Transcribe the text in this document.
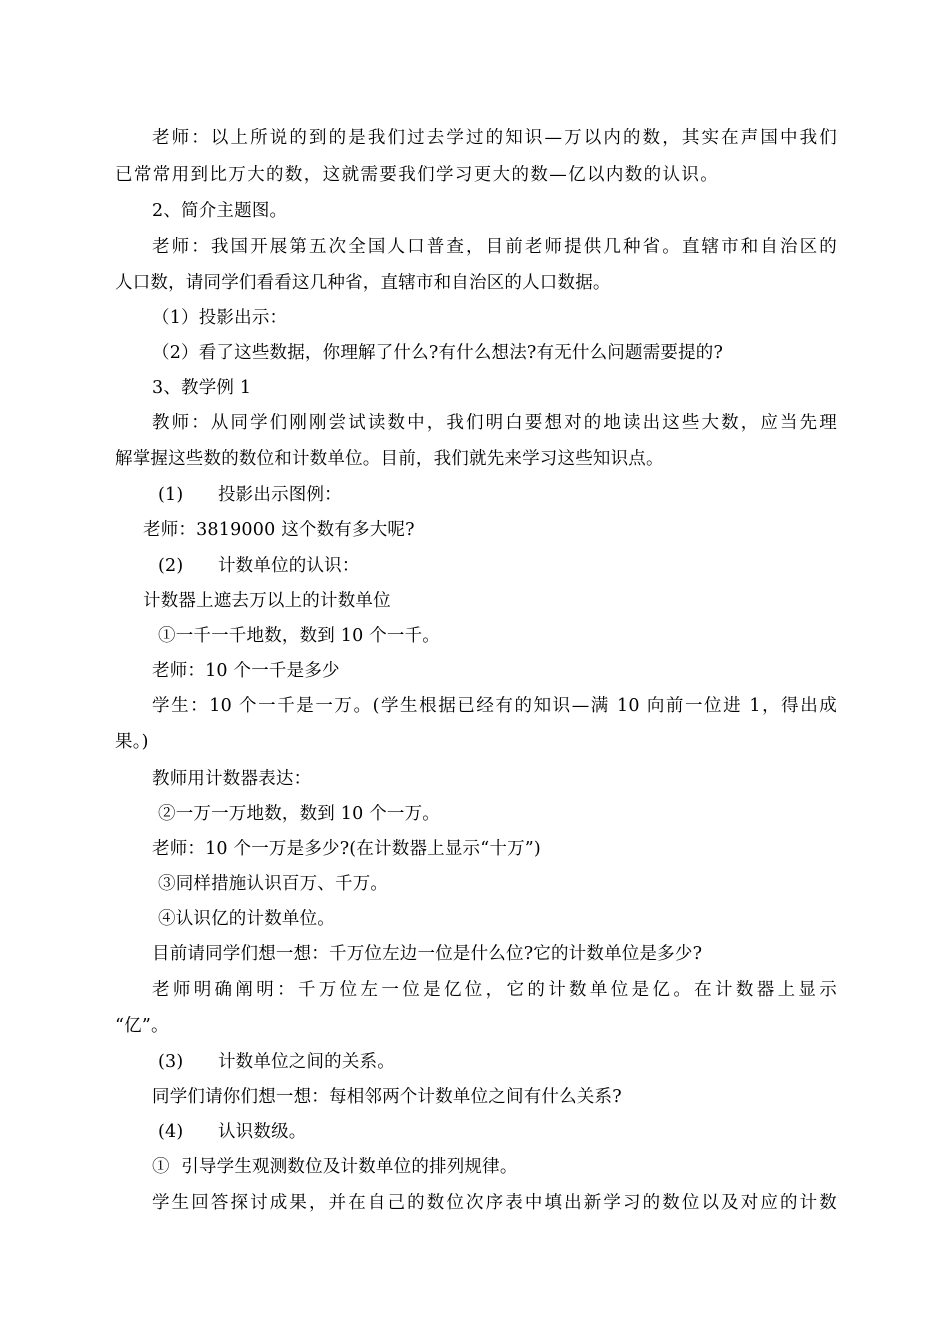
老师：以上所说的到的是我们过去学过的知识—万以内的数，其实在声国中我们
已常常用到比万大的数，这就需要我们学习更大的数—亿以内数的认识。
2、简介主题图。
老师：我国开展第五次全国人口普查，目前老师提供几种省。直辖市和自治区的
人口数，请同学们看看这几种省，直辖市和自治区的人口数据。
（1）投影出示：
（2）看了这些数据，你理解了什么?有什么想法?有无什么问题需要提的?
3、教学例 1
教师：从同学们刚刚尝试读数中，我们明白要想对的地读出这些大数，应当先理
解掌握这些数的数位和计数单位。目前，我们就先来学习这些知识点。
(1)      投影出示图例：
老师：3819000 这个数有多大呢?
(2)      计数单位的认识：
计数器上遮去万以上的计数单位
①一千一千地数，数到 10 个一千。
老师：10 个一千是多少
学生：10 个一千是一万。(学生根据已经有的知识—满 10 向前一位进 1，得出成
果。)
教师用计数器表达：
②一万一万地数，数到 10 个一万。
老师：10 个一万是多少?(在计数器上显示“十万”)
③同样措施认识百万、千万。
④认识亿的计数单位。
目前请同学们想一想：千万位左边一位是什么位?它的计数单位是多少?
老师明确阐明：千万位左一位是亿位，它的计数单位是亿。在计数器上显示
“亿”。
(3)      计数单位之间的关系。
同学们请你们想一想：每相邻两个计数单位之间有什么关系?
(4)      认识数级。
①  引导学生观测数位及计数单位的排列规律。
学生回答探讨成果，并在自己的数位次序表中填出新学习的数位以及对应的计数
